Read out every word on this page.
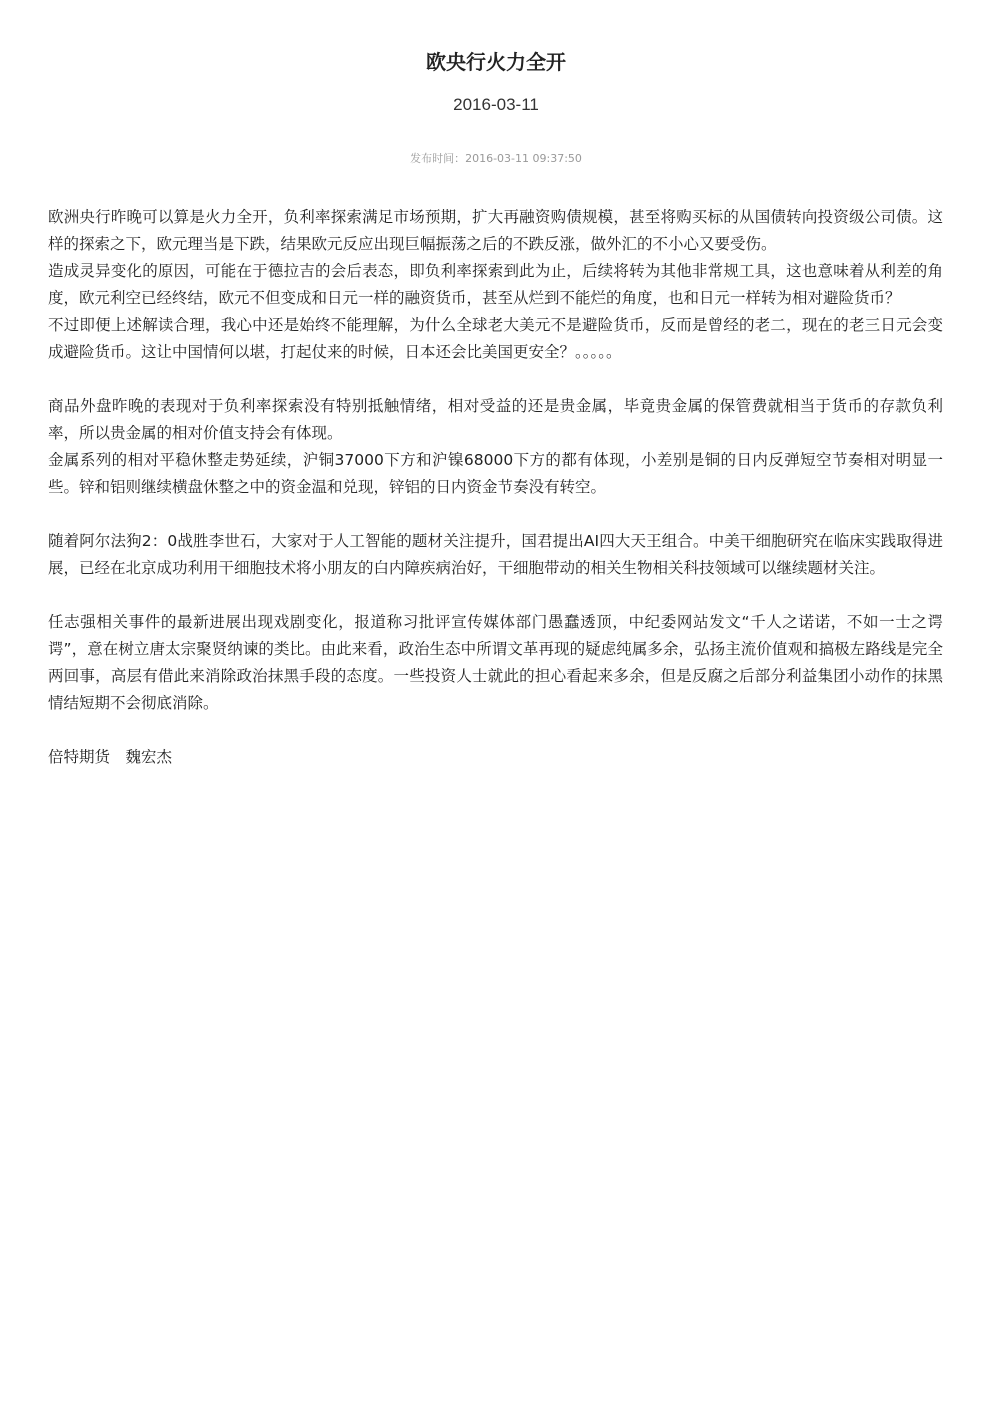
欧央行火力全开
2016-03-11
发布时间：2016-03-11 09:37:50

欧洲央行昨晚可以算是火力全开，负利率探索满足市场预期，扩大再融资购债规模，甚至将购买标的从国债转向投资级公司债。这样的探索之下，欧元理当是下跌，结果欧元反应出现巨幅振荡之后的不跌反涨，做外汇的不小心又要受伤。

造成灵异变化的原因，可能在于德拉吉的会后表态，即负利率探索到此为止，后续将转为其他非常规工具，这也意味着从利差的角度，欧元利空已经终结，欧元不但变成和日元一样的融资货币，甚至从烂到不能烂的角度，也和日元一样转为相对避险货币？

不过即便上述解读合理，我心中还是始终不能理解，为什么全球老大美元不是避险货币，反而是曾经的老二，现在的老三日元会变成避险货币。这让中国情何以堪，打起仗来的时候，日本还会比美国更安全？。。。。。

商品外盘昨晚的表现对于负利率探索没有特别抵触情绪，相对受益的还是贵金属，毕竟贵金属的保管费就相当于货币的存款负利率，所以贵金属的相对价值支持会有体现。

金属系列的相对平稳休整走势延续，沪铜37000下方和沪镍68000下方的都有体现，小差别是铜的日内反弹短空节奏相对明显一些。锌和铝则继续横盘休整之中的资金温和兑现，锌铝的日内资金节奏没有转空。

随着阿尔法狗2：0战胜李世石，大家对于人工智能的题材关注提升，国君提出AI四大天王组合。中美干细胞研究在临床实践取得进展，已经在北京成功利用干细胞技术将小朋友的白内障疾病治好，干细胞带动的相关生物相关科技领域可以继续题材关注。

任志强相关事件的最新进展出现戏剧变化，报道称习批评宣传媒体部门愚蠢透顶，中纪委网站发文“千人之诺诺，不如一士之谔谔”，意在树立唐太宗聚贤纳谏的类比。由此来看，政治生态中所谓文革再现的疑虑纯属多余，弘扬主流价值观和搞极左路线是完全两回事，高层有借此来消除政治抹黑手段的态度。一些投资人士就此的担心看起来多余，但是反腐之后部分利益集团小动作的抹黑情结短期不会彻底消除。

倍特期货　魏宏杰
